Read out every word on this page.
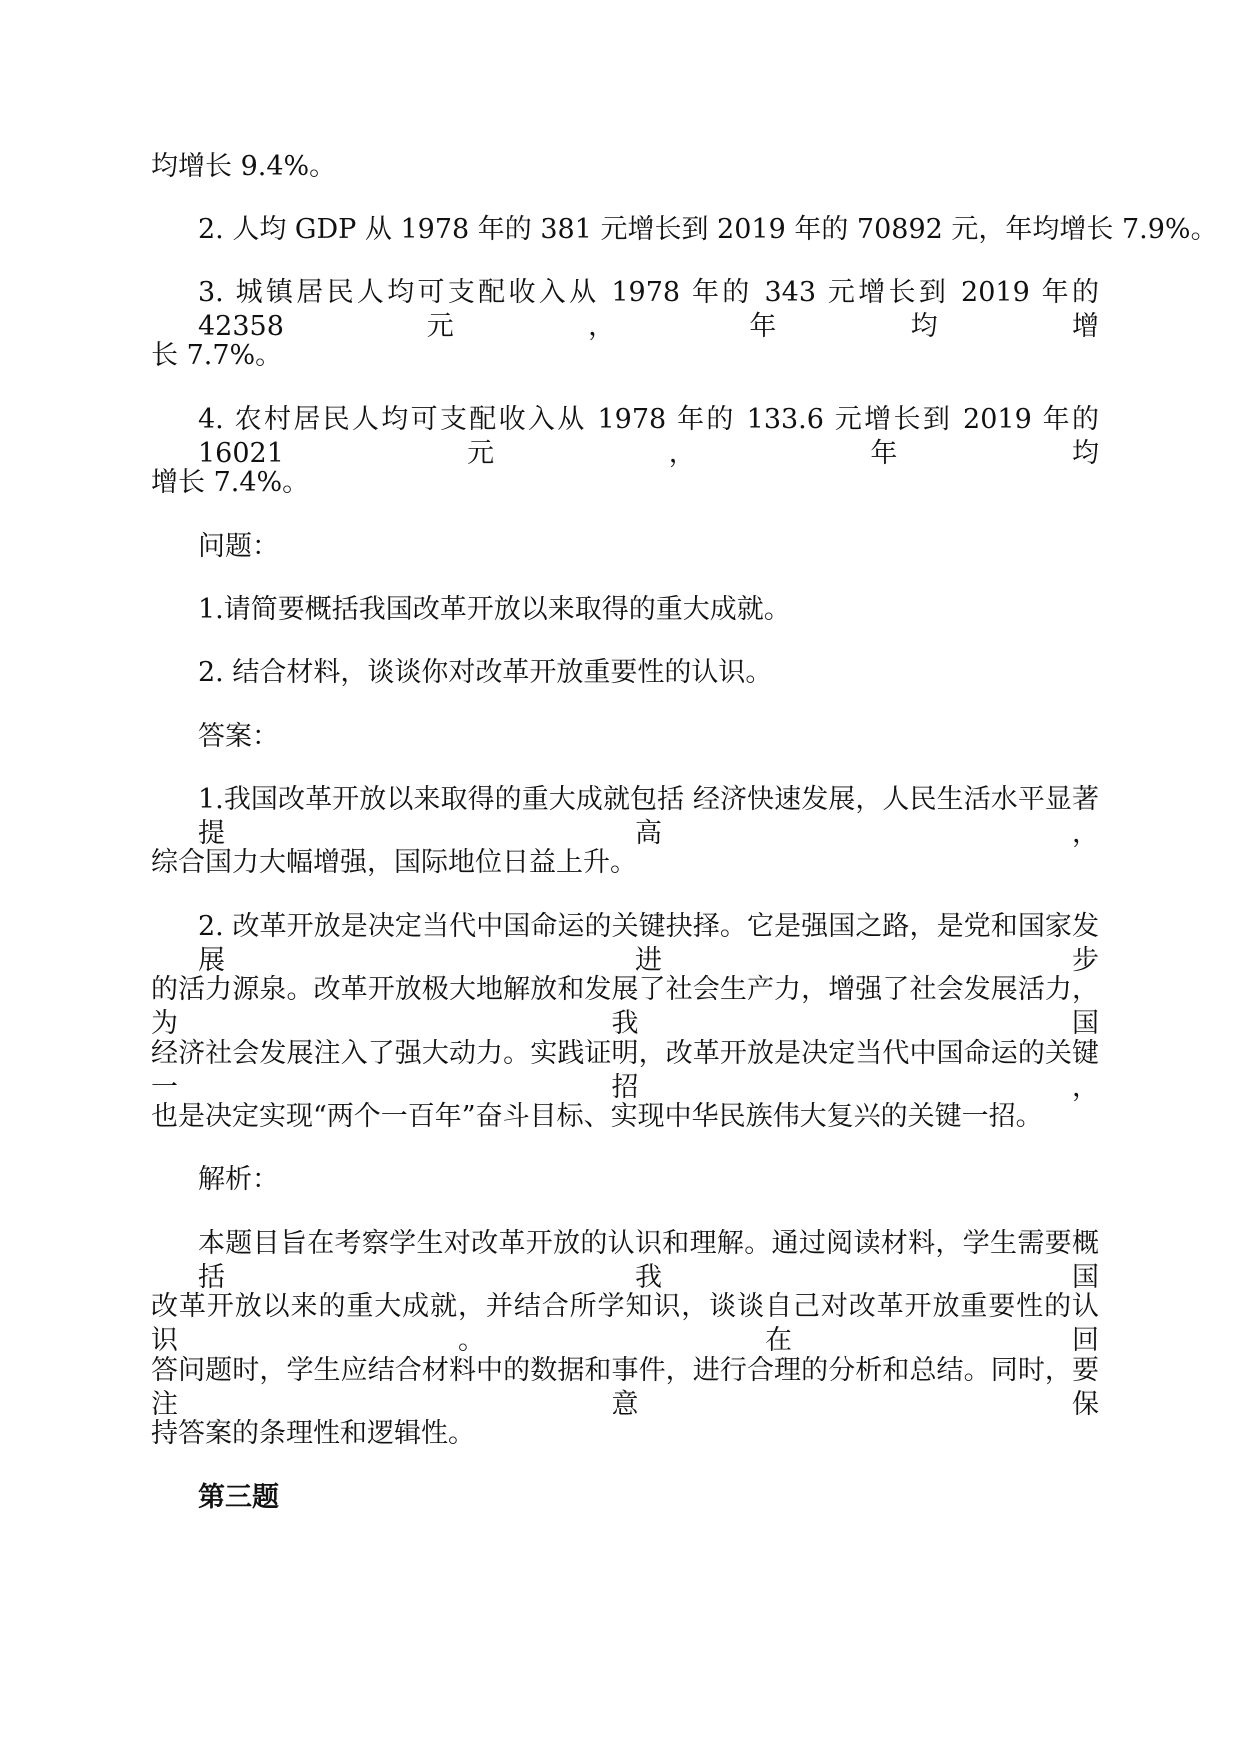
均增长 9.4%。
2. 人均 GDP 从 1978 年的 381 元增长到 2019 年的 70892 元，年均增长 7.9%。
3. 城镇居民人均可支配收入从 1978 年的 343 元增长到 2019 年的 42358 元，年均增
长 7.7%。
4. 农村居民人均可支配收入从 1978 年的 133.6 元增长到 2019 年的 16021 元，年均
增长 7.4%。
问题：
1.请简要概括我国改革开放以来取得的重大成就。
2. 结合材料，谈谈你对改革开放重要性的认识。
答案：
1.我国改革开放以来取得的重大成就包括 经济快速发展，人民生活水平显著提高，
综合国力大幅增强，国际地位日益上升。
2. 改革开放是决定当代中国命运的关键抉择。它是强国之路，是党和国家发展进步
的活力源泉。改革开放极大地解放和发展了社会生产力，增强了社会发展活力，为我国
经济社会发展注入了强大动力。实践证明，改革开放是决定当代中国命运的关键一招，
也是决定实现“两个一百年”奋斗目标、实现中华民族伟大复兴的关键一招。
解析：
本题目旨在考察学生对改革开放的认识和理解。通过阅读材料，学生需要概括我国
改革开放以来的重大成就，并结合所学知识，谈谈自己对改革开放重要性的认识。在回
答问题时，学生应结合材料中的数据和事件，进行合理的分析和总结。同时，要注意保
持答案的条理性和逻辑性。
第三题
